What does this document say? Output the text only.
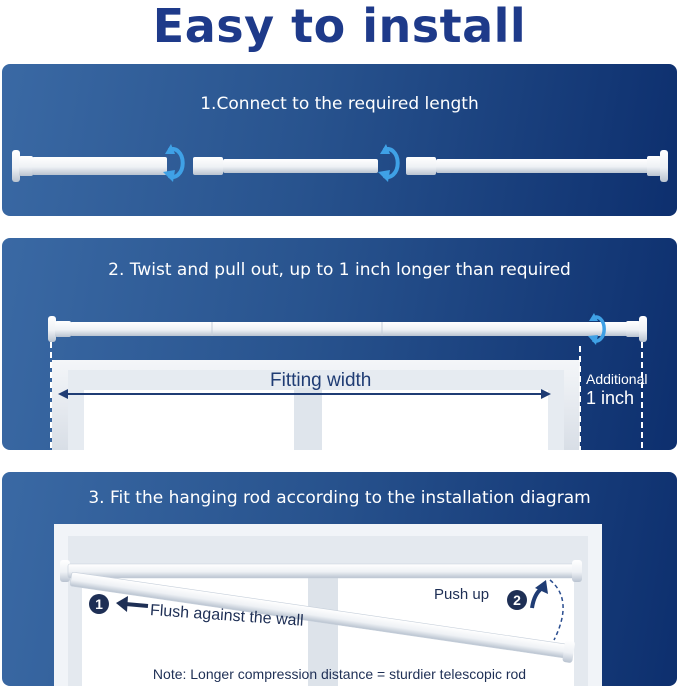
Easy to install
1.Connect to the required length
2. Twist and pull out, up to 1 inch longer than required
Fitting width	Additional
1 inch
3. Fit the hanging rod according to the installation diagram
1	2
Flush against the wall
Push up
Note: Longer compression distance = sturdier telescopic rod
